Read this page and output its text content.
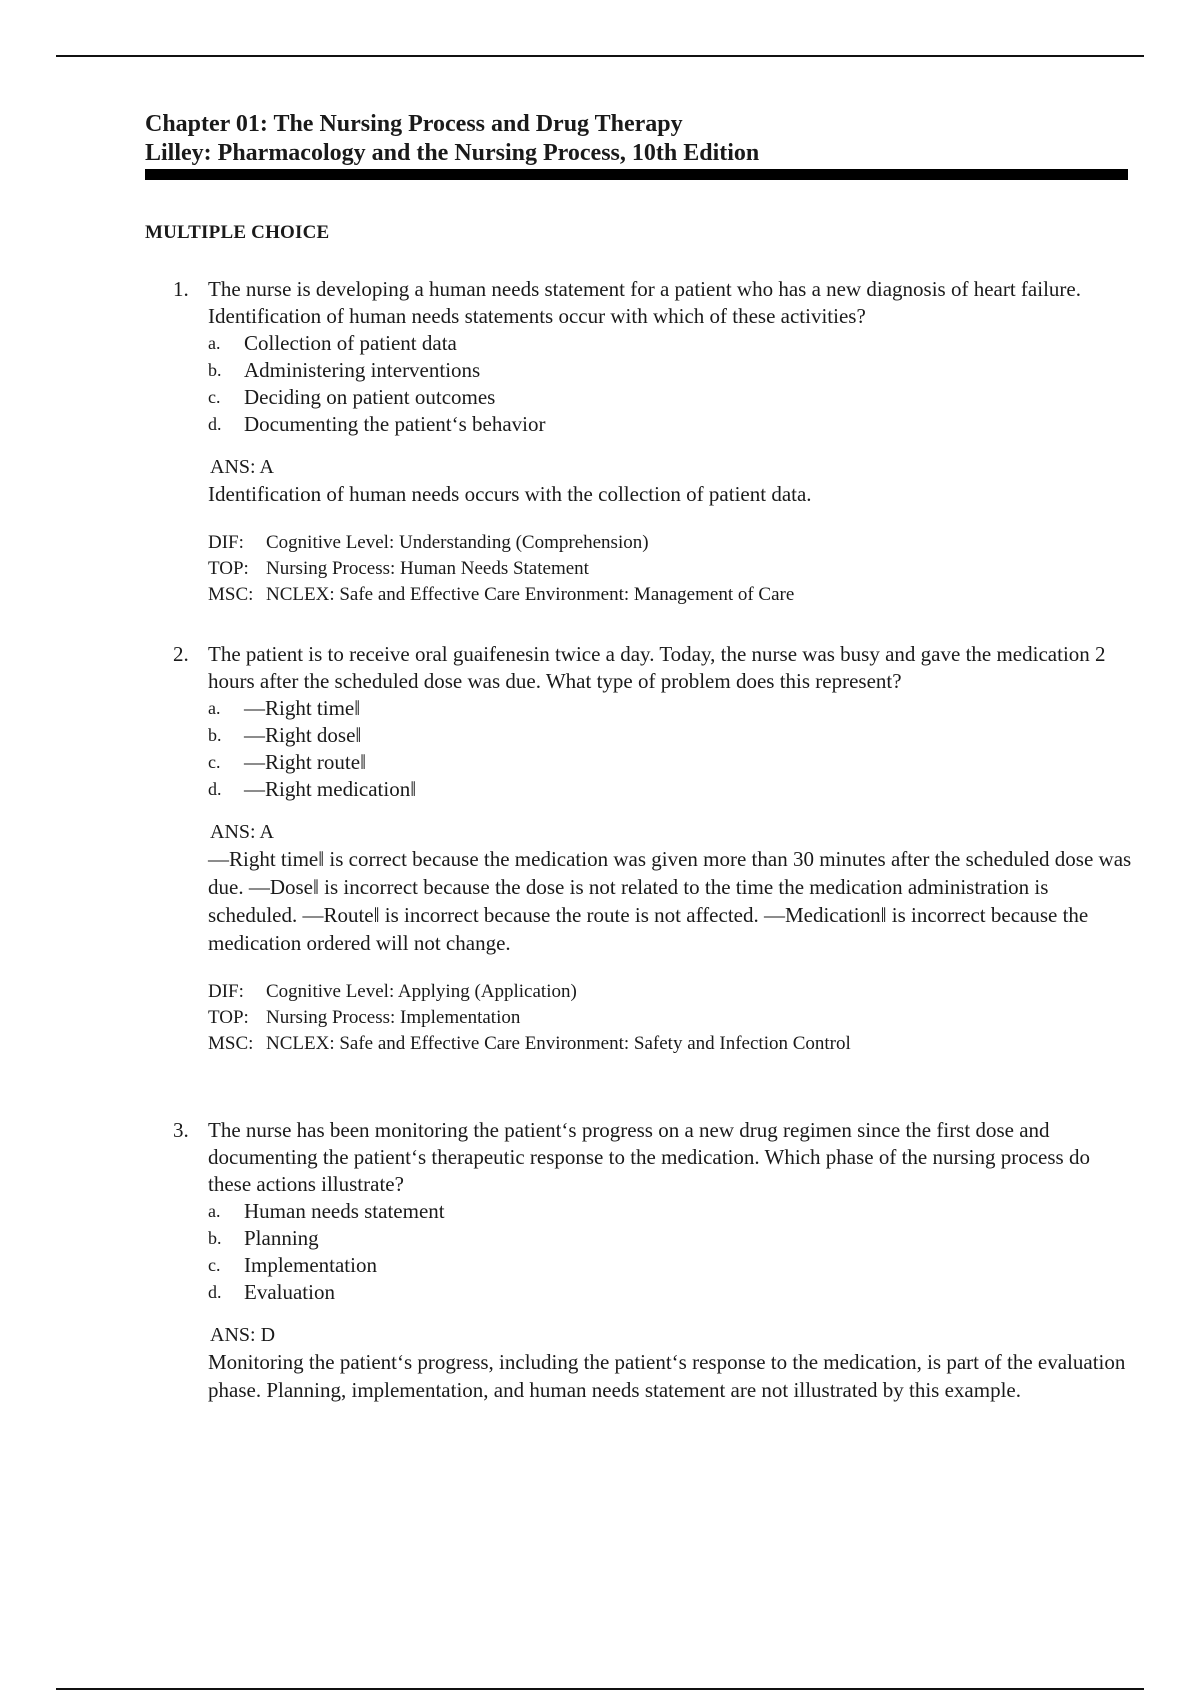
Chapter 01: The Nursing Process and Drug Therapy
Lilley: Pharmacology and the Nursing Process, 10th Edition
MULTIPLE CHOICE
1. The nurse is developing a human needs statement for a patient who has a new diagnosis of heart failure. Identification of human needs statements occur with which of these activities?
a.	Collection of patient data
b.	Administering interventions
c.	Deciding on patient outcomes
d.	Documenting the patient‘s behavior
ANS: A
Identification of human needs occurs with the collection of patient data.
DIF: Cognitive Level: Understanding (Comprehension)
TOP: Nursing Process: Human Needs Statement
MSC: NCLEX: Safe and Effective Care Environment: Management of Care
2. The patient is to receive oral guaifenesin twice a day. Today, the nurse was busy and gave the medication 2 hours after the scheduled dose was due. What type of problem does this represent?
a.	―Right time‖
b.	―Right dose‖
c.	―Right route‖
d.	―Right medication‖
ANS: A
―Right time‖ is correct because the medication was given more than 30 minutes after the scheduled dose was due. ―Dose‖ is incorrect because the dose is not related to the time the medication administration is scheduled. ―Route‖ is incorrect because the route is not affected. ―Medication‖ is incorrect because the medication ordered will not change.
DIF: Cognitive Level: Applying (Application)
TOP: Nursing Process: Implementation
MSC: NCLEX: Safe and Effective Care Environment: Safety and Infection Control
3. The nurse has been monitoring the patient‘s progress on a new drug regimen since the first dose and documenting the patient‘s therapeutic response to the medication. Which phase of the nursing process do these actions illustrate?
a.	Human needs statement
b.	Planning
c.	Implementation
d.	Evaluation
ANS: D
Monitoring the patient‘s progress, including the patient‘s response to the medication, is part of the evaluation phase. Planning, implementation, and human needs statement are not illustrated by this example.
